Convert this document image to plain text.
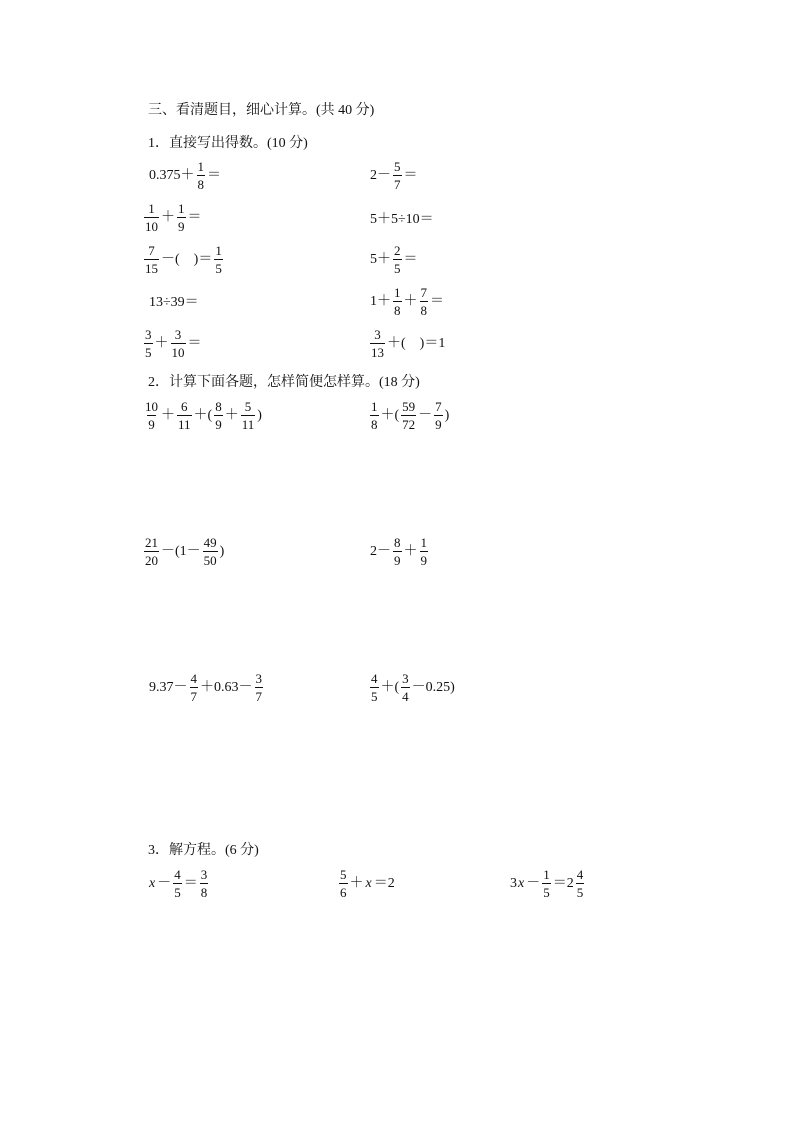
三、看清题目，细心计算。(共 40 分)
1．直接写出得数。(10 分)
$0.375+ \frac{1}{8}$ ＝	$2- \frac{5}{7}$ ＝
$\frac{1}{10} + \frac{1}{9}$ ＝	5＋5÷10＝
$\frac{7}{15}$ －(　)＝ $\frac{1}{5}$	$5+ \frac{2}{5}$ ＝
13÷39＝	$1+ \frac{1}{8} + \frac{7}{8}$ ＝
$\frac{3}{5} + \frac{3}{10}$ ＝	$\frac{3}{13}$ ＋(　)＝1
2．计算下面各题，怎样简便怎样算。(18 分)
$\frac{10}{9} + \frac{6}{11}$ ＋( $\frac{8}{9} + \frac{5}{11}$ )	$\frac{1}{8}$ ＋( $\frac{59}{72} - \frac{7}{9}$ )
$\frac{21}{20} -(1- \frac{49}{50}$ )	$2- \frac{8}{9} + \frac{1}{9}$
$9.37- \frac{4}{7} +0.63- \frac{3}{7}$	$\frac{4}{5}$ ＋( $\frac{3}{4} -0.25$)
3．解方程。(6 分)
$x - \frac{4}{5} = \frac{3}{8}$	$\frac{5}{6} + x =2$	3 $x - \frac{1}{5} =2 \frac{4}{5}$
